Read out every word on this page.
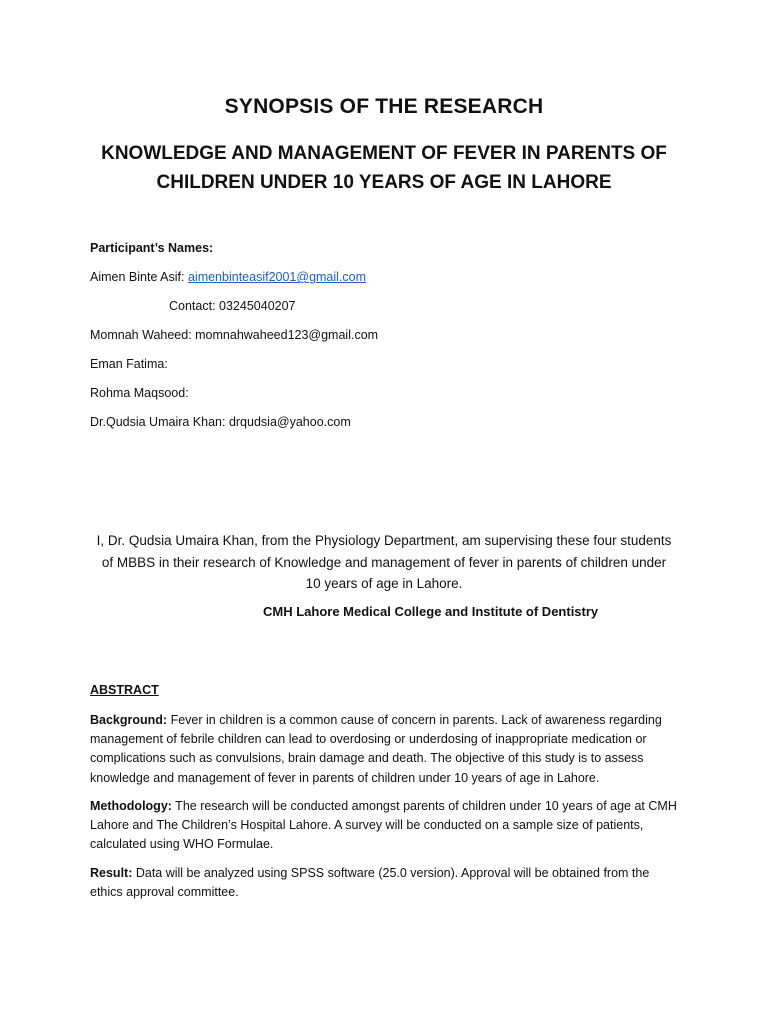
SYNOPSIS OF THE RESEARCH
KNOWLEDGE AND MANAGEMENT OF FEVER IN PARENTS OF
CHILDREN UNDER 10 YEARS OF AGE IN LAHORE
Participant’s Names:
Aimen Binte Asif: aimenbinteasif2001@gmail.com
Contact: 03245040207
Momnah Waheed: momnahwaheed123@gmail.com
Eman Fatima:
Rohma Maqsood:
Dr.Qudsia Umaira Khan: drqudsia@yahoo.com
I, Dr. Qudsia Umaira Khan, from the Physiology Department, am supervising these four students
of MBBS in their research of Knowledge and management of fever in parents of children under
10 years of age in Lahore.
CMH Lahore Medical College and Institute of Dentistry
ABSTRACT
Background: Fever in children is a common cause of concern in parents. Lack of awareness regarding management of febrile children can lead to overdosing or underdosing of inappropriate medication or complications such as convulsions, brain damage and death. The objective of this study is to assess knowledge and management of fever in parents of children under 10 years of age in Lahore.
Methodology: The research will be conducted amongst parents of children under 10 years of age at CMH Lahore and The Children’s Hospital Lahore. A survey will be conducted on a sample size of patients, calculated using WHO Formulae.
Result: Data will be analyzed using SPSS software (25.0 version). Approval will be obtained from the ethics approval committee.
